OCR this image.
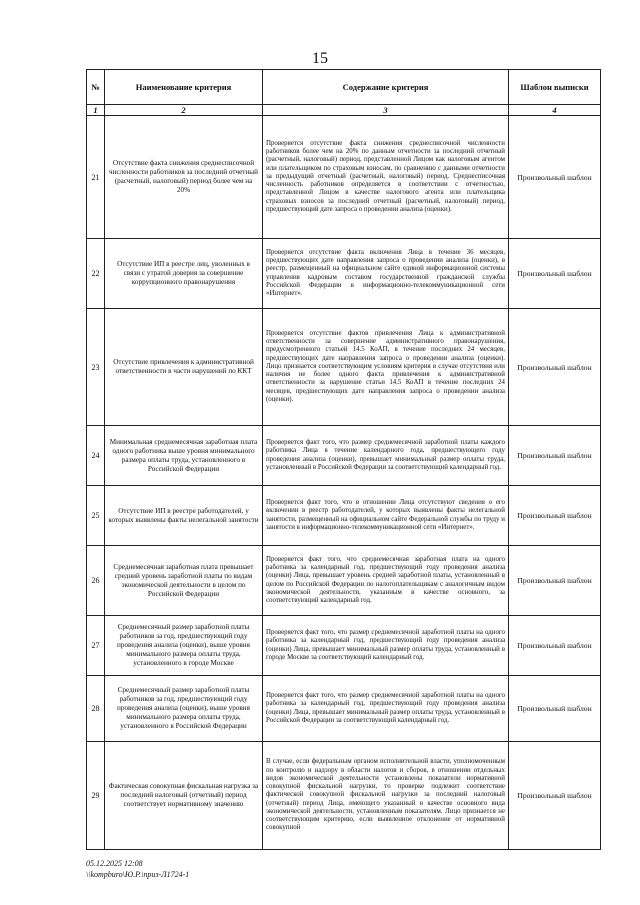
15
№	Наименование критерия	Содержание критерия	Шаблон выписки
1	2	3	4
21	Отсутствие факта снижения среднесписочной численности работников за последний отчетный (расчетный, налоговый) период более чем на 20%	Проверяется отсутствие факта снижения среднесписочной численности работников более чем на 20% по данным отчетности за последний отчетный (расчетный, налоговый) период, представленной Лицом как налоговым агентом или плательщиком по страховым взносам, по сравнению с данными отчетности за предыдущий отчетный (расчетный, налоговый) период. Среднесписочная численность работников определяется в соответствии с отчетностью, представленной Лицом в качестве налогового агента или плательщика страховых взносов за последний отчетный (расчетный, налоговый) период, предшествующий дате запроса о проведении анализа (оценки).	Произвольный шаблон
22	Отсутствие ИП в реестре лиц, уволенных в связи с утратой доверия за совершение коррупционного правонарушения	Проверяется отсутствие факта включения Лица в течение 36 месяцев, предшествующих дате направления запроса о проведении анализа (оценки), в реестр, размещенный на официальном сайте единой информационной системы управления кадровым составом государственной гражданской службы Российской Федерации в информационно-телекоммуникационной сети «Интернет».	Произвольный шаблон
23	Отсутствие привлечения к административной ответственности в части нарушений по ККТ	Проверяется отсутствие фактов привлечения Лица к административной ответственности за совершение административного правонарушения, предусмотренного статьей 14.5 КоАП, в течение последних 24 месяцев, предшествующих дате направления запроса о проведении анализа (оценки). Лицо признается соответствующим условиям критерия в случае отсутствия или наличия не более одного факта привлечения к административной ответственности за нарушение статьи 14.5 КоАП в течение последних 24 месяцев, предшествующих дате направления запроса о проведении анализа (оценки).	Произвольный шаблон
24	Минимальная среднемесячная заработная плата одного работника выше уровня минимального размера оплаты труда, установленного в Российской Федерации	Проверяется факт того, что размер среднемесячной заработной платы каждого работника Лица в течение календарного года, предшествующего году проведения анализа (оценки), превышает минимальный размер оплаты труда, установленный в Российской Федерации за соответствующий календарный год.	Произвольный шаблон
25	Отсутствие ИП в реестре работодателей, у которых выявлены факты нелегальной занятости	Проверяется факт того, что в отношении Лица отсутствуют сведения о его включении в реестр работодателей, у которых выявлены факты нелегальной занятости, размещенный на официальном сайте Федеральной службы по труду и занятости в информационно-телекоммуникационной сети «Интернет».	Произвольный шаблон
26	Среднемесячная заработная плата превышает средний уровень заработной платы по видам экономической деятельности в целом по Российской Федерации	Проверяется факт того, что среднемесячная заработная плата на одного работника за календарный год, предшествующий году проведения анализа (оценки) Лица, превышает уровень средней заработной платы, установленный в целом по Российской Федерации по налогоплательщикам с аналогичным видом экономической деятельности, указанным в качестве основного, за соответствующий календарный год.	Произвольный шаблон
27	Среднемесячный размер заработной платы работников за год, предшествующий году проведения анализа (оценки), выше уровня минимального размера оплаты труда, установленного в городе Москве	Проверяется факт того, что размер среднемесячной заработной платы на одного работника за календарный год, предшествующий году проведения анализа (оценки) Лица, превышает минимальный размер оплаты труда, установленный в городе Москве за соответствующий календарный год.	Произвольный шаблон
28	Среднемесячный размер заработной платы работников за год, предшествующий году проведения анализа (оценки), выше уровня минимального размера оплаты труда, установленного в Российской Федерации	Проверяется факт того, что размер среднемесячной заработной платы на одного работника за календарный год, предшествующий году проведения анализа (оценки) Лица, превышает минимальный размер оплаты труда, установленный в Российской Федерации за соответствующий календарный год.	Произвольный шаблон
29	Фактическая совокупная фискальная нагрузка за последний налоговый (отчетный) период соответствует нормативному значению	В случае, если федеральным органом исполнительной власти, уполномоченным по контролю и надзору в области налогов и сборов, в отношении отдельных видов экономической деятельности установлены показатели нормативной совокупной фискальной нагрузки, то проверке подлежит соответствие фактической совокупной фискальной нагрузки за последний налоговый (отчетный) период Лица, имеющего указанный в качестве основного вида экономической деятельности, установленным показателям. Лицо признается не соответствующим критерию, если выявленное отклонение от нормативной совокупной	Произвольный шаблон
05.12.2025 12:08
\\kompburo\Ю.Р.\приз-Л1724-1
